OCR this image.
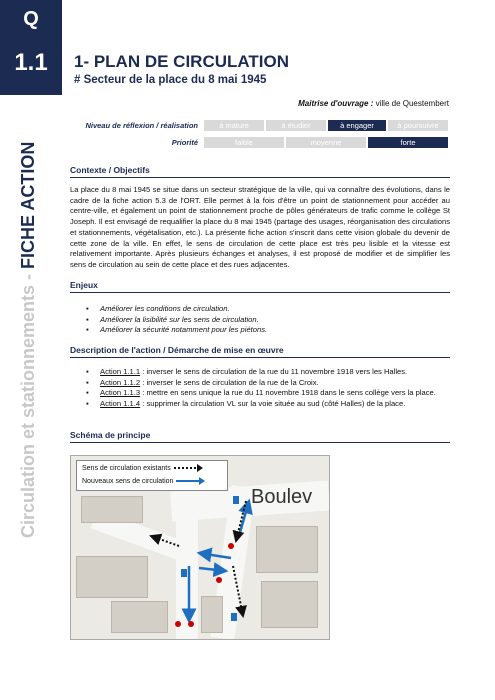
Q
1.1
Circulation et stationnements - FICHE ACTION
1- PLAN DE CIRCULATION
# Secteur de la place du 8 mai 1945
Maitrise d'ouvrage : ville de Questembert
Niveau de réflexion / réalisation	à mature	à étudier	à engager	à poursuivre
Priorité	faible	moyenne	forte
Contexte / Objectifs
La place du 8 mai 1945 se situe dans un secteur stratégique de la ville, qui va connaître des évolutions, dans le cadre de la fiche action 5.3 de l'ORT. Elle permet à la fois d'être un point de stationnement pour accéder au centre-ville, et également un point de stationnement proche de pôles générateurs de trafic comme le collège St Joseph. Il est envisagé de requalifier la place du 8 mai 1945 (partage des usages, réorganisation des circulations et stationnements, végétalisation, etc.). La présente fiche action s'inscrit dans cette vision globale du devenir de cette zone de la ville. En effet, le sens de circulation de cette place est très peu lisible et la vitesse est relativement importante. Après plusieurs échanges et analyses, il est proposé de modifier et de simplifier les sens de circulation au sein de cette place et des rues adjacentes.
Enjeux
▪ Améliorer les conditions de circulation.
▪ Améliorer la lisibilité sur les sens de circulation.
▪ Améliorer la sécurité notamment pour les piétons.
Description de l'action / Démarche de mise en œuvre
▪ Action 1.1.1 : inverser le sens de circulation de la rue du 11 novembre 1918 vers les Halles.
▪ Action 1.1.2 : inverser le sens de circulation de la rue de la Croix.
▪ Action 1.1.3 : mettre en sens unique la rue du 11 novembre 1918 dans le sens collège vers la place.
▪ Action 1.1.4 : supprimer la circulation VL sur la voie située au sud (côté Halles) de la place.
Schéma de principe
Boulev
Sens de circulation existants
Nouveaux sens de circulation
